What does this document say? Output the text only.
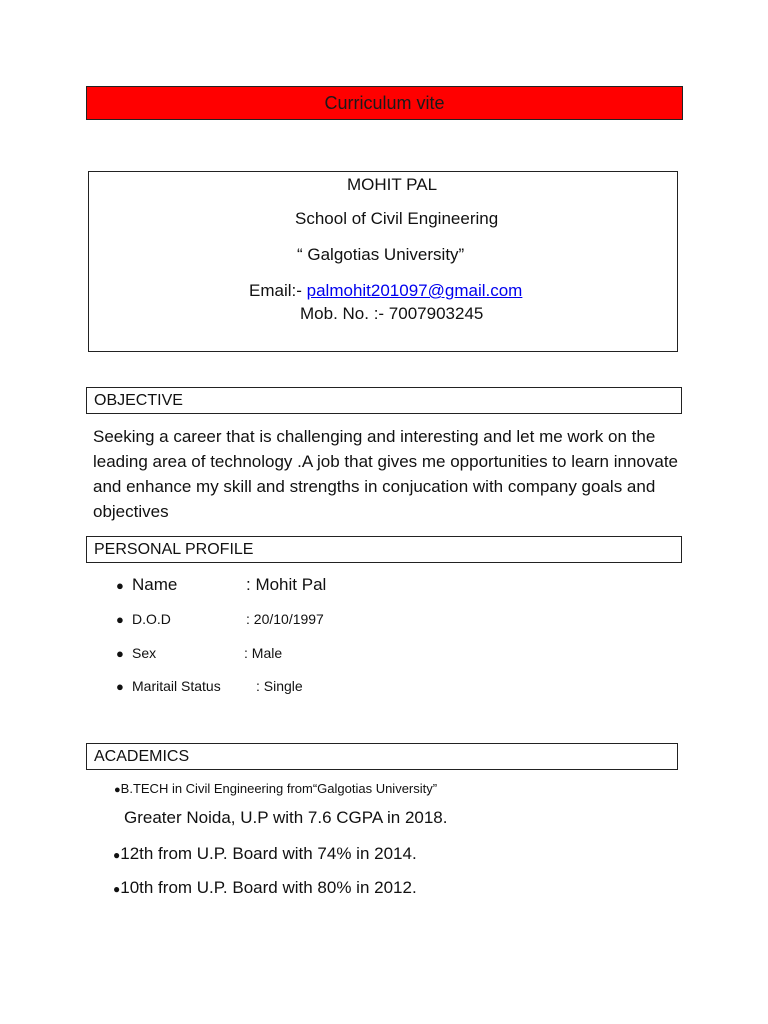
Curriculum vite
MOHIT PAL
School of Civil Engineering
“ Galgotias University”
Email:- palmohit201097@gmail.com
Mob. No. :- 7007903245
OBJECTIVE
Seeking a career that is challenging and interesting and let me work on the leading area of technology .A job that gives me opportunities to learn innovate and enhance my skill and strengths in conjucation with company goals and objectives
PERSONAL PROFILE
● Name	: Mohit Pal
● D.O.D	: 20/10/1997
● Sex	: Male
● Maritail Status	: Single
ACADEMICS
●B.TECH in Civil Engineering from“Galgotias University”
Greater Noida, U.P with 7.6 CGPA in 2018.
●12th from U.P. Board with 74% in 2014.
●10th from U.P. Board with 80% in 2012.
